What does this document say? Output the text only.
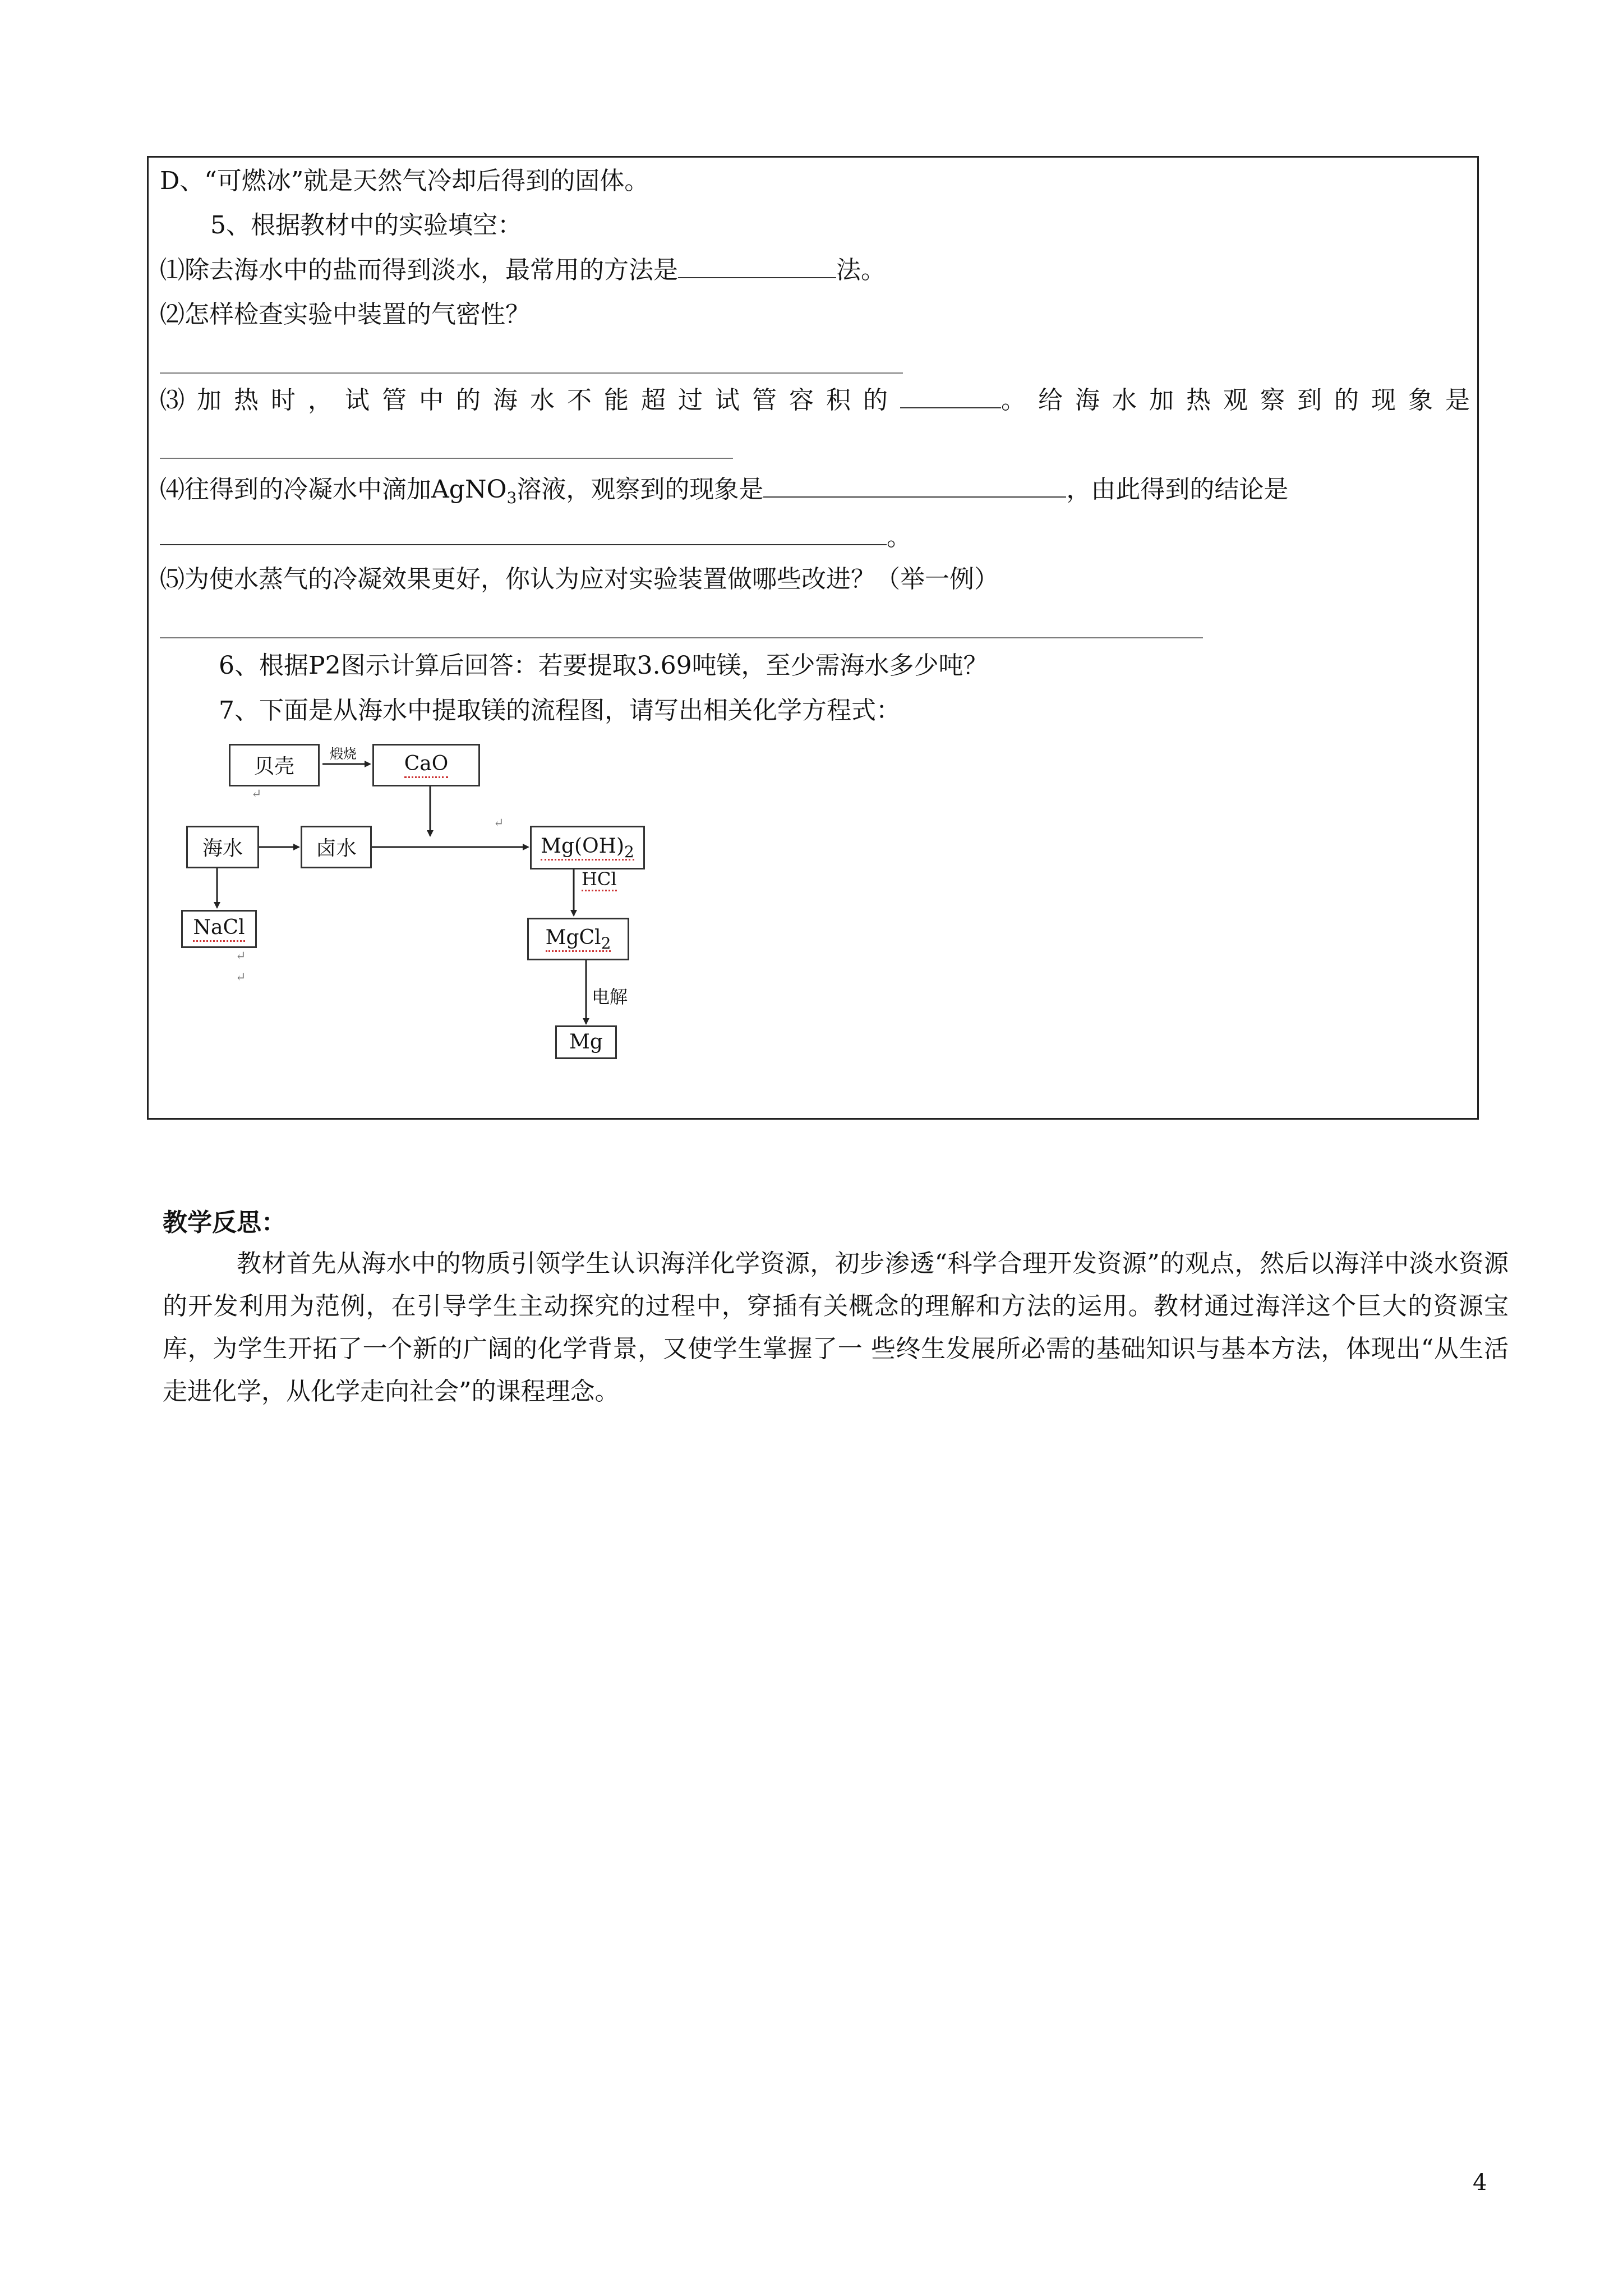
D、“可燃冰”就是天然气冷却后得到的固体。
5、根据教材中的实验填空：
⑴除去海水中的盐而得到淡水，最常用的方法是	法。
⑵怎样检查实验中装置的气密性？
⑶加热时，试管中的海水不能超过试管容积的	。给海水加热观察到的现象是
⑷往得到的冷凝水中滴加AgNO$_3$溶液，观察到的现象是	，由此得到的结论是
。
⑸为使水蒸气的冷凝效果更好，你认为应对实验装置做哪些改进？（举一例）
6、根据P2图示计算后回答：若要提取3.69吨镁，至少需海水多少吨？
7、下面是从海水中提取镁的流程图，请写出相关化学方程式：
贝壳
煅烧 CaO
海水	卤水	$Mg(OH)_2$
NaCl
HCl
MgCl$_2$
电解
Mg
↵
↵
↵
↵
教学反思：
教材首先从海水中的物质引领学生认识海洋化学资源，初步渗透“科学合理开发资源”的观点，然后以海洋中淡水资源的开发利用为范例，在引导学生主动探究的过程中，穿插有关概念的理解和方法的运用。教材通过海洋这个巨大的资源宝库，为学生开拓了一个新的广阔的化学背景，又使学生掌握了一 些终生发展所必需的基础知识与基本方法，体现出“从生活走进化学，从化学走向社会”的课程理念。
4
